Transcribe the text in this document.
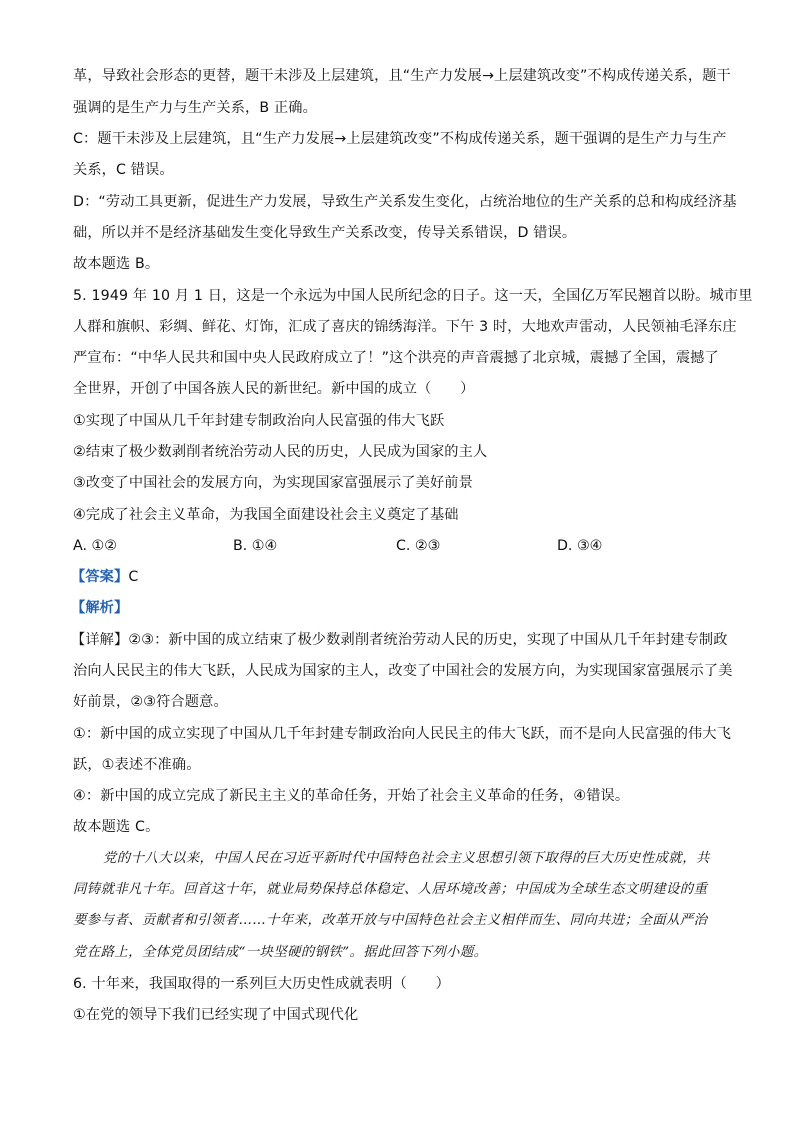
革，导致社会形态的更替，题干未涉及上层建筑，且“生产力发展→上层建筑改变”不构成传递关系，题干
强调的是生产力与生产关系，B 正确。
C：题干未涉及上层建筑，且“生产力发展→上层建筑改变”不构成传递关系，题干强调的是生产力与生产
关系，C 错误。
D：“劳动工具更新，促进生产力发展，导致生产关系发生变化，占统治地位的生产关系的总和构成经济基
础，所以并不是经济基础发生变化导致生产关系改变，传导关系错误，D 错误。
故本题选 B。
5. 1949 年 10 月 1 日，这是一个永远为中国人民所纪念的日子。这一天，全国亿万军民翘首以盼。城市里
人群和旗帜、彩绸、鲜花、灯饰，汇成了喜庆的锦绣海洋。下午 3 时，大地欢声雷动，人民领袖毛泽东庄
严宣布：“中华人民共和国中央人民政府成立了！”这个洪亮的声音震撼了北京城，震撼了全国，震撼了
全世界，开创了中国各族人民的新世纪。新中国的成立（　　）
①实现了中国从几千年封建专制政治向人民富强的伟大飞跃
②结束了极少数剥削者统治劳动人民的历史，人民成为国家的主人
③改变了中国社会的发展方向，为实现国家富强展示了美好前景
④完成了社会主义革命，为我国全面建设社会主义奠定了基础
A. ①②	B. ①④	C. ②③	D. ③④
【答案】C
【解析】
【详解】②③：新中国的成立结束了极少数剥削者统治劳动人民的历史，实现了中国从几千年封建专制政
治向人民民主的伟大飞跃，人民成为国家的主人，改变了中国社会的发展方向，为实现国家富强展示了美
好前景，②③符合题意。
①：新中国的成立实现了中国从几千年封建专制政治向人民民主的伟大飞跃，而不是向人民富强的伟大飞
跃，①表述不准确。
④：新中国的成立完成了新民主主义的革命任务，开始了社会主义革命的任务，④错误。
故本题选 C。
党的十八大以来，中国人民在习近平新时代中国特色社会主义思想引领下取得的巨大历史性成就，共
同铸就非凡十年。回首这十年，就业局势保持总体稳定、人居环境改善；中国成为全球生态文明建设的重
要参与者、贡献者和引领者……十年来，改革开放与中国特色社会主义相伴而生、同向共进；全面从严治
党在路上，全体党员团结成“一块坚硬的钢铁”。据此回答下列小题。
6. 十年来，我国取得的一系列巨大历史性成就表明（　　）
①在党的领导下我们已经实现了中国式现代化
